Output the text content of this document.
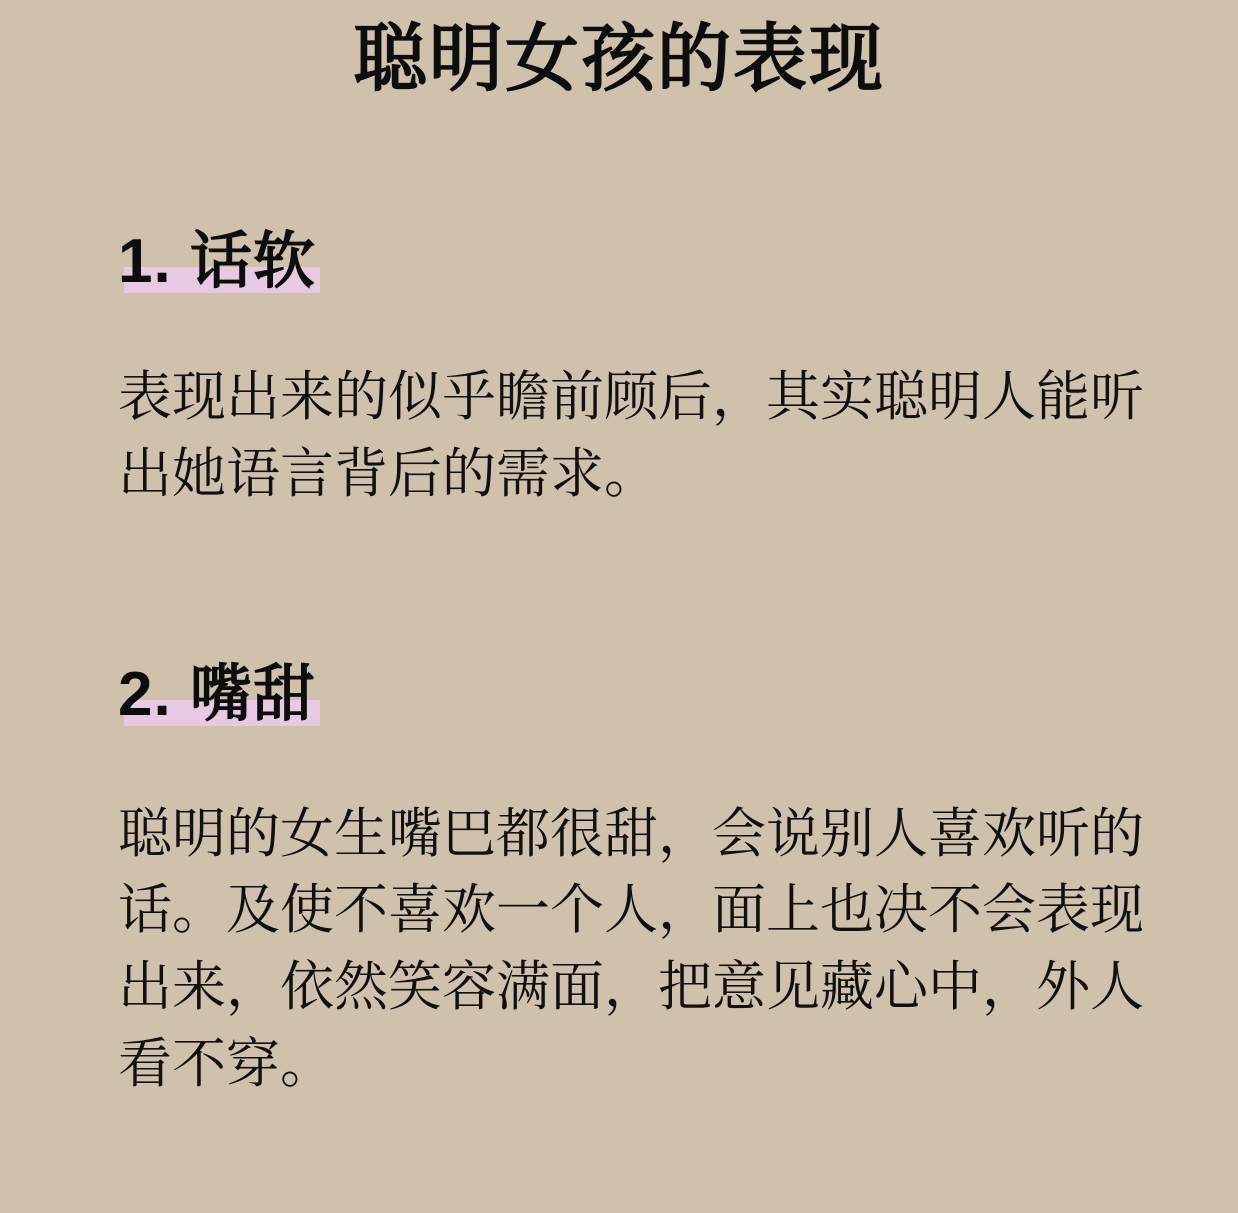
聪明女孩的表现
1. 话软
表现出来的似乎瞻前顾后，其实聪明人能听出她语言背后的需求。
2. 嘴甜
聪明的女生嘴巴都很甜，会说别人喜欢听的话。及使不喜欢一个人，面上也决不会表现出来，依然笑容满面，把意见藏心中，外人看不穿。
